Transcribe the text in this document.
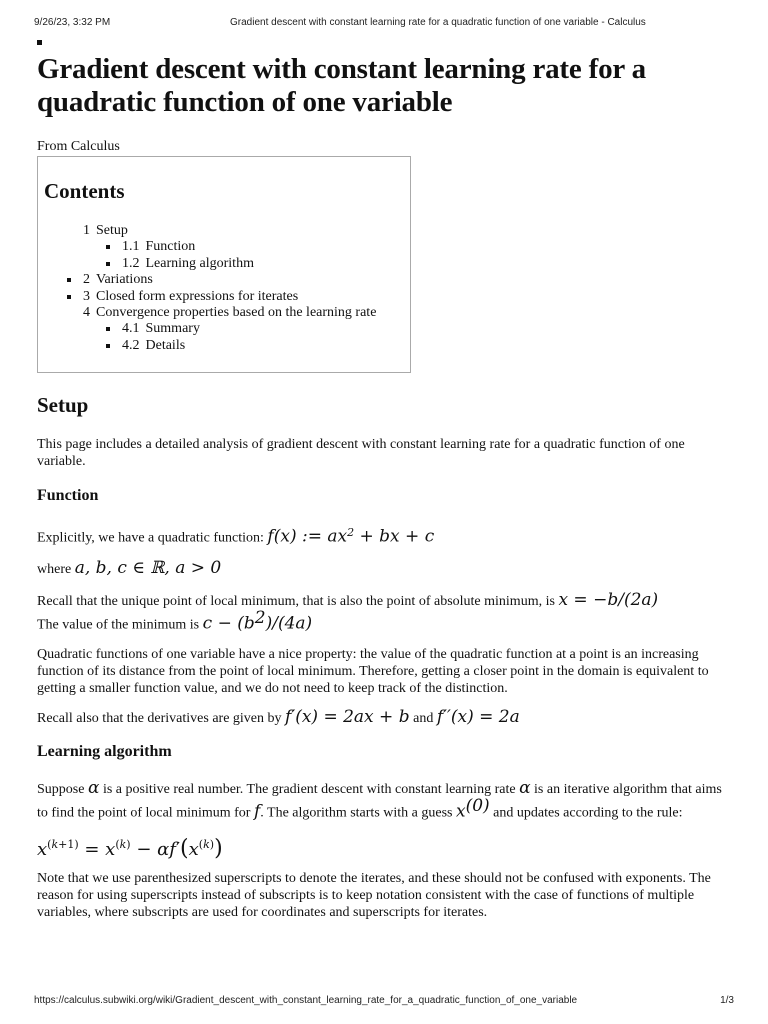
9/26/23, 3:32 PM	Gradient descent with constant learning rate for a quadratic function of one variable - Calculus
Gradient descent with constant learning rate for a quadratic function of one variable
From Calculus
Contents
1 Setup
1.1 Function
1.2 Learning algorithm
2 Variations
3 Closed form expressions for iterates
4 Convergence properties based on the learning rate
4.1 Summary
4.2 Details
Setup

This page includes a detailed analysis of gradient descent with constant learning rate for a quadratic function of one variable.

Function

Explicitly, we have a quadratic function: f(x) := $ax^2$ + bx + c

where a, b, c ∈ ℝ, a > 0

Recall that the unique point of local minimum, that is also the point of absolute minimum, is x = −b/(2a)
The value of the minimum is $c - (b^2)/(4a)$

Quadratic functions of one variable have a nice property: the value of the quadratic function at a point is an increasing function of its distance from the point of local minimum. Therefore, getting a closer point in the domain is equivalent to getting a smaller function value, and we do not need to keep track of the distinction.

Recall also that the derivatives are given by f′(x) = 2ax + b and f′′(x) = 2a

Learning algorithm

Suppose α is a positive real number. The gradient descent with constant learning rate α is an iterative algorithm that aims to find the point of local minimum for f. The algorithm starts with a guess $x^{(0)}$ and updates according to the rule:

$x^{(k+1)} = x^{(k)} - \alpha f'(x^{(k)})$

Note that we use parenthesized superscripts to denote the iterates, and these should not be confused with exponents. The reason for using superscripts instead of subscripts is to keep notation consistent with the case of functions of multiple variables, where subscripts are used for coordinates and superscripts for iterates.

https://calculus.subwiki.org/wiki/Gradient_descent_with_constant_learning_rate_for_a_quadratic_function_of_one_variable	1/3
